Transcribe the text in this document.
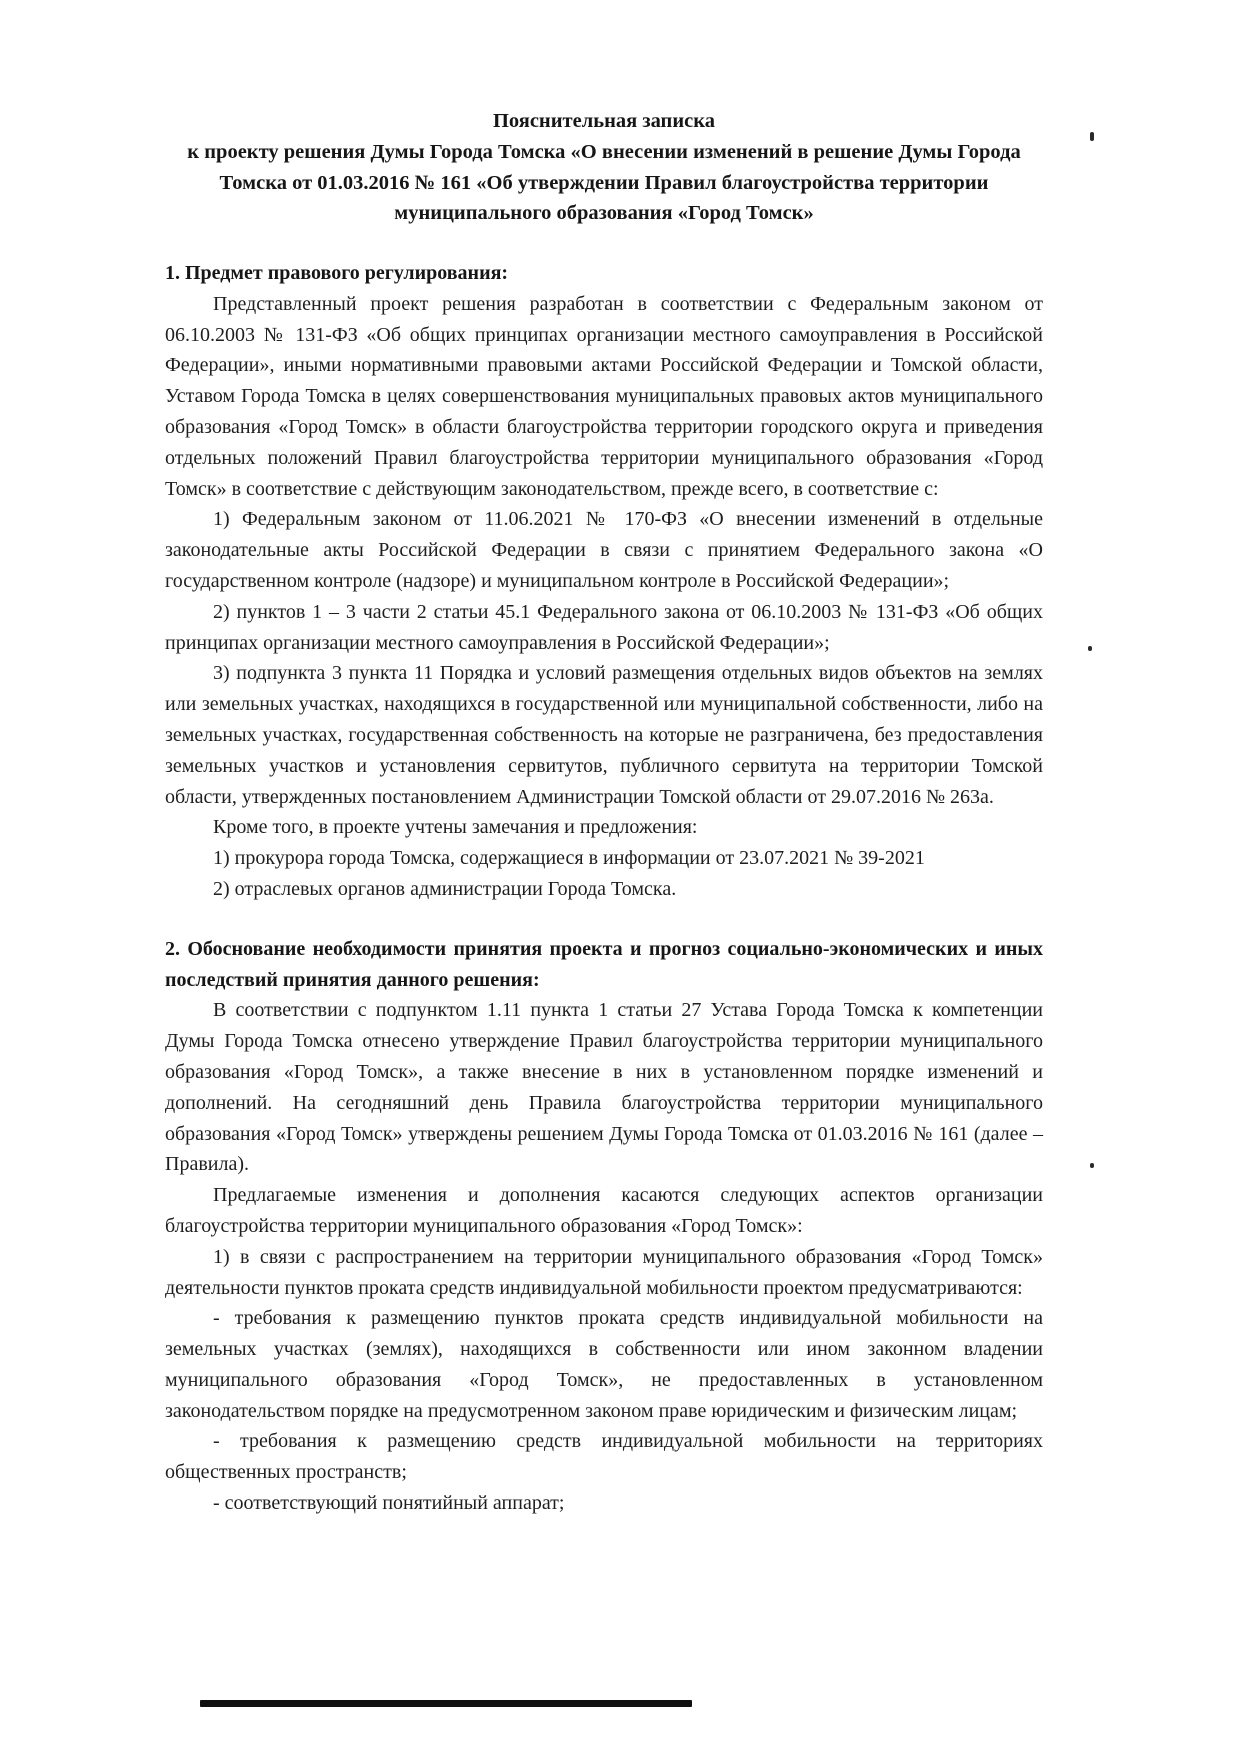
Пояснительная записка
к проекту решения Думы Города Томска «О внесении изменений в решение Думы Города Томска от 01.03.2016 № 161 «Об утверждении Правил благоустройства территории муниципального образования «Город Томск»
1. Предмет правового регулирования:

Представленный проект решения разработан в соответствии с Федеральным законом от 06.10.2003 № 131-ФЗ «Об общих принципах организации местного самоуправления в Российской Федерации», иными нормативными правовыми актами Российской Федерации и Томской области, Уставом Города Томска в целях совершенствования муниципальных правовых актов муниципального образования «Город Томск» в области благоустройства территории городского округа и приведения отдельных положений Правил благоустройства территории муниципального образования «Город Томск» в соответствие с действующим законодательством, прежде всего, в соответствие с:

1) Федеральным законом от 11.06.2021 № 170-ФЗ «О внесении изменений в отдельные законодательные акты Российской Федерации в связи с принятием Федерального закона «О государственном контроле (надзоре) и муниципальном контроле в Российской Федерации»;

2) пунктов 1 – 3 части 2 статьи 45.1 Федерального закона от 06.10.2003 № 131-ФЗ «Об общих принципах организации местного самоуправления в Российской Федерации»;

3) подпункта 3 пункта 11 Порядка и условий размещения отдельных видов объектов на землях или земельных участках, находящихся в государственной или муниципальной собственности, либо на земельных участках, государственная собственность на которые не разграничена, без предоставления земельных участков и установления сервитутов, публичного сервитута на территории Томской области, утвержденных постановлением Администрации Томской области от 29.07.2016 № 263а.

Кроме того, в проекте учтены замечания и предложения:

1) прокурора города Томска, содержащиеся в информации от 23.07.2021 № 39-2021

2) отраслевых органов администрации Города Томска.

2. Обоснование необходимости принятия проекта и прогноз социально-экономических и иных последствий принятия данного решения:

В соответствии с подпунктом 1.11 пункта 1 статьи 27 Устава Города Томска к компетенции Думы Города Томска отнесено утверждение Правил благоустройства территории муниципального образования «Город Томск», а также внесение в них в установленном порядке изменений и дополнений. На сегодняшний день Правила благоустройства территории муниципального образования «Город Томск» утверждены решением Думы Города Томска от 01.03.2016 № 161 (далее – Правила).

Предлагаемые изменения и дополнения касаются следующих аспектов организации благоустройства территории муниципального образования «Город Томск»:

1) в связи с распространением на территории муниципального образования «Город Томск» деятельности пунктов проката средств индивидуальной мобильности проектом предусматриваются:

- требования к размещению пунктов проката средств индивидуальной мобильности на земельных участках (землях), находящихся в собственности или ином законном владении муниципального образования «Город Томск», не предоставленных в установленном законодательством порядке на предусмотренном законом праве юридическим и физическим лицам;

- требования к размещению средств индивидуальной мобильности на территориях общественных пространств;

- соответствующий понятийный аппарат;
